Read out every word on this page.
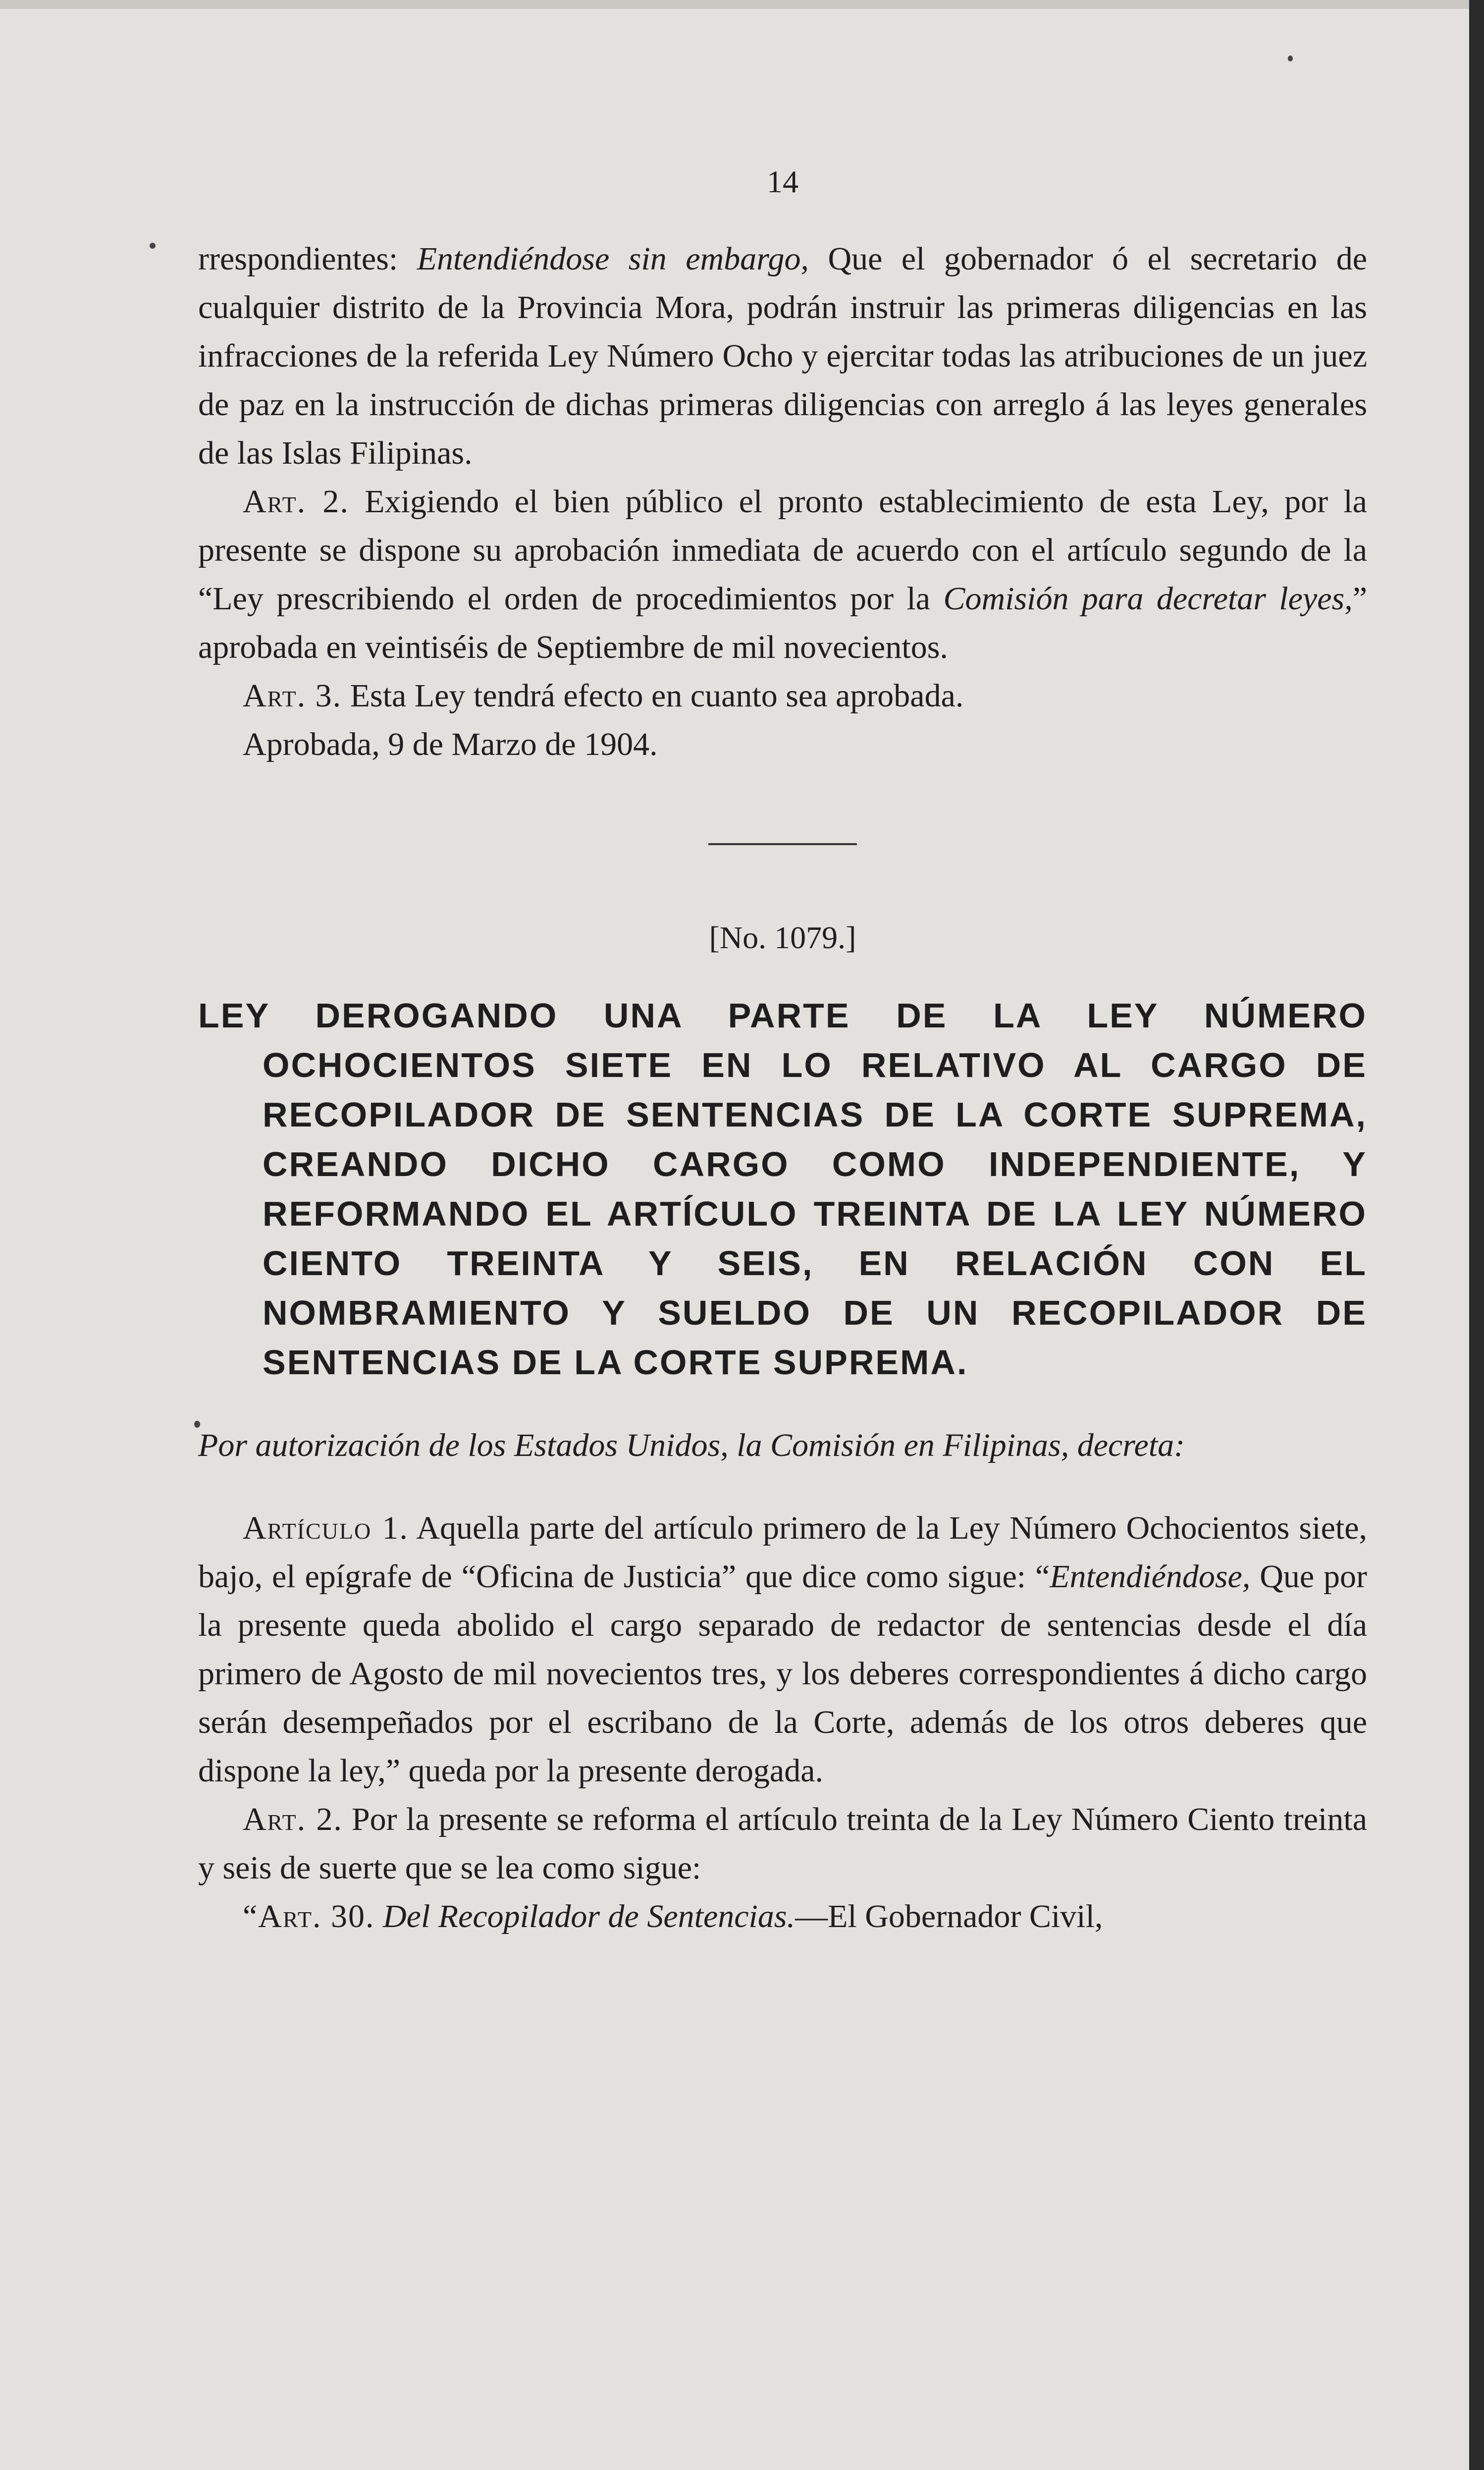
14

rrespondientes: Entendiéndose sin embargo, Que el gobernador ó el secretario de cualquier distrito de la Provincia Mora, podrán instruir las primeras diligencias en las infracciones de la referida Ley Número Ocho y ejercitar todas las atribuciones de un juez de paz en la instrucción de dichas primeras diligencias con arreglo á las leyes generales de las Islas Filipinas.

Art. 2. Exigiendo el bien público el pronto establecimiento de esta Ley, por la presente se dispone su aprobación inmediata de acuerdo con el artículo segundo de la “Ley prescribiendo el orden de procedimientos por la Comisión para decretar leyes,” aprobada en veintiséis de Septiembre de mil novecientos.

Art. 3. Esta Ley tendrá efecto en cuanto sea aprobada.

Aprobada, 9 de Marzo de 1904.

[No. 1079.]

LEY DEROGANDO UNA PARTE DE LA LEY NÚMERO OCHOCIENTOS SIETE EN LO RELATIVO AL CARGO DE RECOPILADOR DE SENTENCIAS DE LA CORTE SUPREMA, CREANDO DICHO CARGO COMO INDEPENDIENTE, Y REFORMANDO EL ARTÍCULO TREINTA DE LA LEY NÚMERO CIENTO TREINTA Y SEIS, EN RELACIÓN CON EL NOMBRAMIENTO Y SUELDO DE UN RECOPILADOR DE SENTENCIAS DE LA CORTE SUPREMA.

Por autorización de los Estados Unidos, la Comisión en Filipinas, decreta:

Artículo 1. Aquella parte del artículo primero de la Ley Número Ochocientos siete, bajo, el epígrafe de “Oficina de Justicia” que dice como sigue: “Entendiéndose, Que por la presente queda abolido el cargo separado de redactor de sentencias desde el día primero de Agosto de mil novecientos tres, y los deberes correspondientes á dicho cargo serán desempeñados por el escribano de la Corte, además de los otros deberes que dispone la ley,” queda por la presente derogada.

Art. 2. Por la presente se reforma el artículo treinta de la Ley Número Ciento treinta y seis de suerte que se lea como sigue:

“Art. 30. Del Recopilador de Sentencias.—El Gobernador Civil,
